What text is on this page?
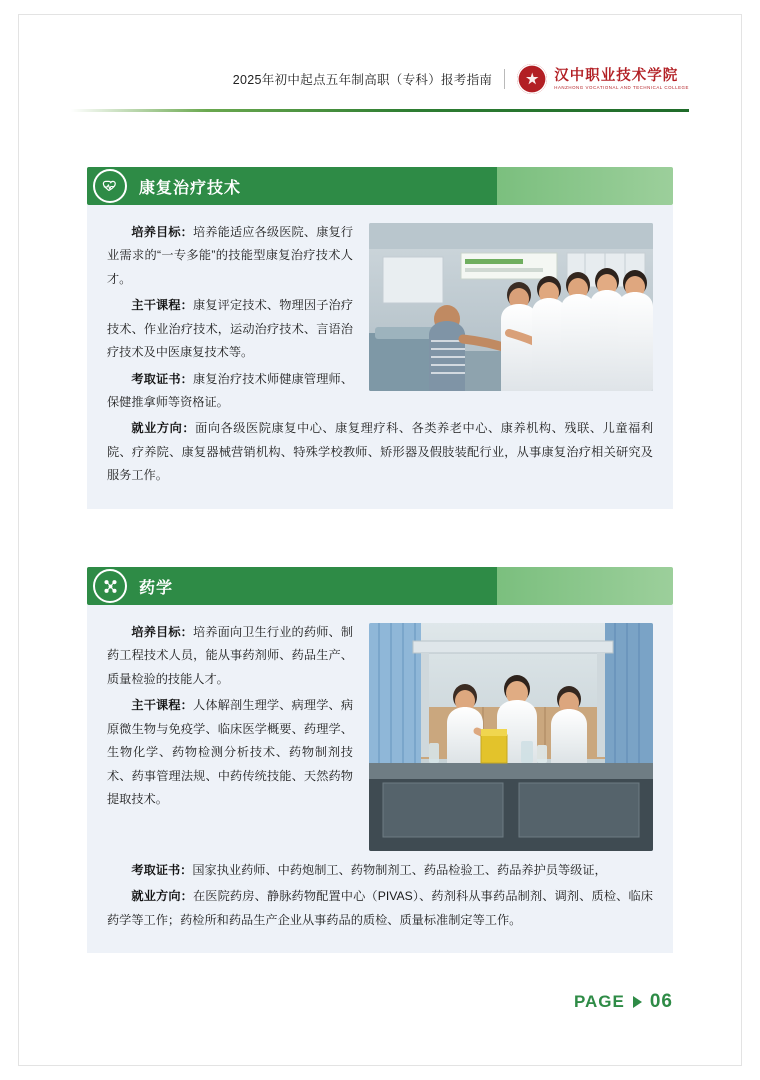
2025年初中起点五年制高职（专科）报考指南	汉中职业技术学院
HANZHONG VOCATIONAL AND TECHNICAL COLLEGE
康复治疗技术

培养目标：培养能适应各级医院、康复行业需求的“一专多能”的技能型康复治疗技术人才。

主干课程：康复评定技术、物理因子治疗技术、作业治疗技术，运动治疗技术、言语治疗技术及中医康复技术等。

考取证书：康复治疗技术师健康管理师、保健推拿师等资格证。

就业方向：面向各级医院康复中心、康复理疗科、各类养老中心、康养机构、残联、儿童福利院、疗养院、康复器械营销机构、特殊学校教师、矫形器及假肢装配行业，从事康复治疗相关研究及服务工作。

药学

培养目标：培养面向卫生行业的药师、制药工程技术人员，能从事药剂师、药品生产、质量检验的技能人才。

主干课程：人体解剖生理学、病理学、病原微生物与免疫学、临床医学概要、药理学、生物化学、药物检测分析技术、药物制剂技术、药事管理法规、中药传统技能、天然药物提取技术。

考取证书：国家执业药师、中药炮制工、药物制剂工、药品检验工、药品养护员等级证，

就业方向：在医院药房、静脉药物配置中心（PIVAS）、药剂科从事药品制剂、调剂、质检、临床药学等工作；药检所和药品生产企业从事药品的质检、质量标准制定等工作。

PAGE 06
